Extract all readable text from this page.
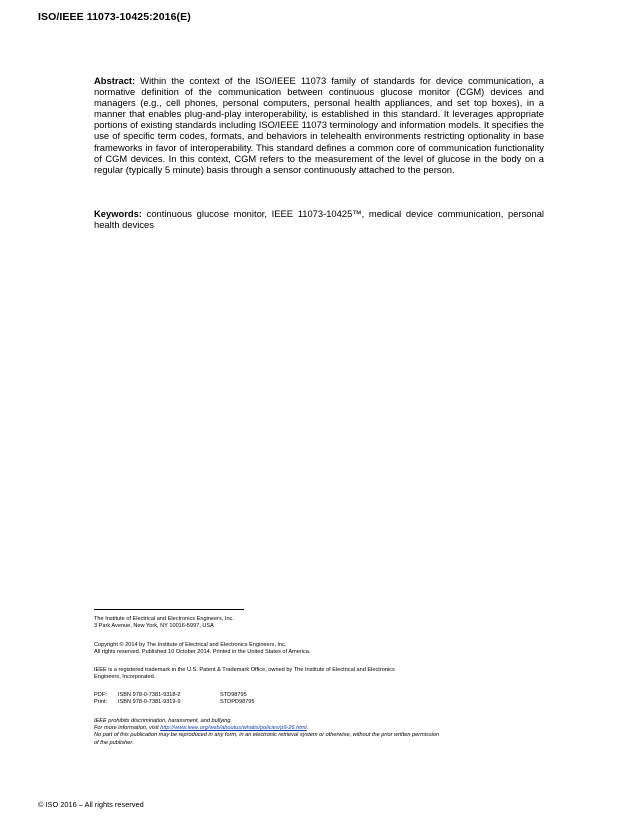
ISO/IEEE 11073-10425:2016(E)

Abstract: Within the context of the ISO/IEEE 11073 family of standards for device communication, a normative definition of the communication between continuous glucose monitor (CGM) devices and managers (e.g., cell phones, personal computers, personal health appliances, and set top boxes), in a manner that enables plug-and-play interoperability, is established in this standard. It leverages appropriate portions of existing standards including ISO/IEEE 11073 terminology and information models. It specifies the use of specific term codes, formats, and behaviors in telehealth environments restricting optionality in base frameworks in favor of interoperability. This standard defines a common core of communication functionality of CGM devices. In this context, CGM refers to the measurement of the level of glucose in the body on a regular (typically 5 minute) basis through a sensor continuously attached to the person.

Keywords: continuous glucose monitor, IEEE 11073-10425™, medical device communication, personal health devices

The Institute of Electrical and Electronics Engineers, Inc.
3 Park Avenue, New York, NY 10016-5997, USA
Copyright © 2014 by The Institute of Electrical and Electronics Engineers, Inc.
All rights reserved. Published 10 October 2014. Printed in the United States of America.
IEEE is a registered trademark in the U.S. Patent & Trademark Office, owned by The Institute of Electrical and Electronics
Engineers, Incorporated.
PDF:	ISBN 978-0-7381-9318-2	STD98795
Print:	ISBN 978-0-7381-9319-9	STDPD98795
IEEE prohibits discrimination, harassment, and bullying.
For more information, visit http://www.ieee.org/web/aboutus/whatis/policies/p9-26.html.
No part of this publication may be reproduced in any form, in an electronic retrieval system or otherwise, without the prior written permission
of the publisher.
© ISO 2016 – All rights reserved
